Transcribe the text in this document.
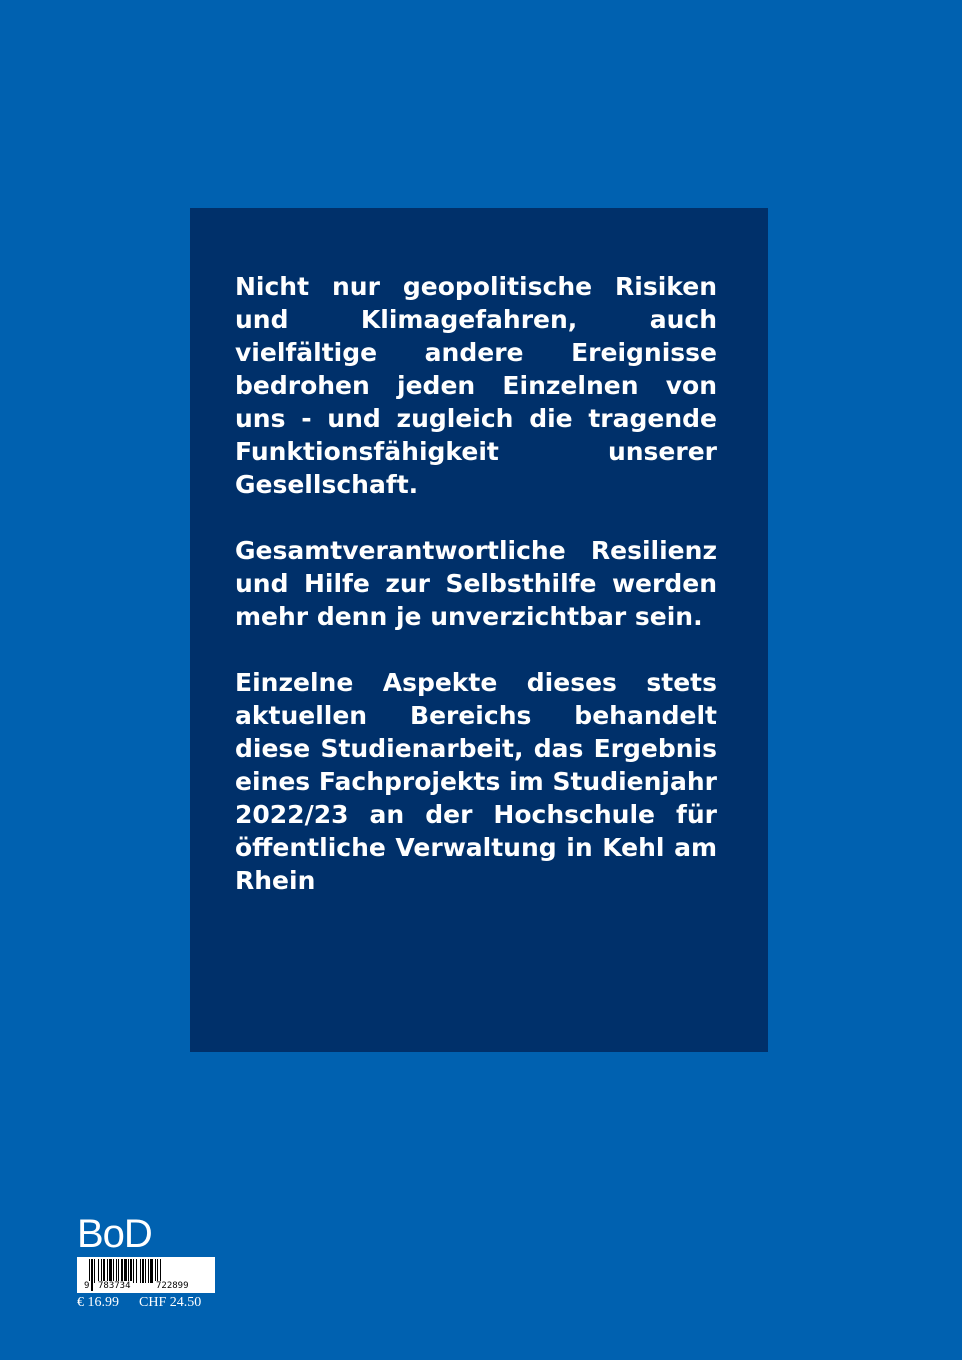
Nicht nur geopolitische Risiken und Klimagefahren, auch vielfältige andere Ereignisse bedrohen jeden Einzelnen von uns - und zugleich die tragende Funktionsfähigkeit unserer Gesellschaft.

Gesamtverantwortliche Resilienz und Hilfe zur Selbsthilfe werden mehr denn je unverzichtbar sein.

Einzelne Aspekte dieses stets aktuellen Bereichs behandelt diese Studienarbeit, das Ergebnis eines Fachprojekts im Studienjahr 2022/23 an der Hochschule für öffentliche Verwaltung in Kehl am Rhein

BoD
9 783734	722899
€ 16.99 CHF 24.50
